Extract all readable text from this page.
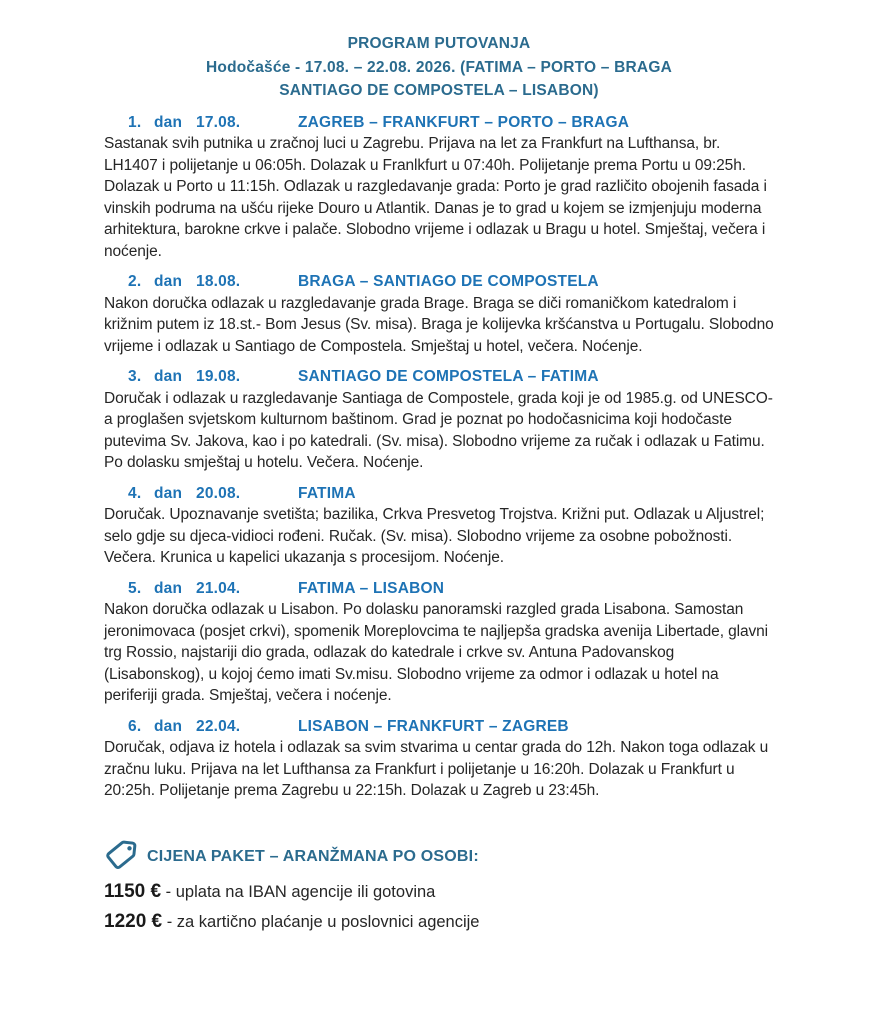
PROGRAM PUTOVANJA
Hodočašće - 17.08. – 22.08. 2026. (FATIMA – PORTO – BRAGA
SANTIAGO DE COMPOSTELA – LISABON)
1. dan 17.08.	ZAGREB – FRANKFURT – PORTO – BRAGA

Sastanak svih putnika u zračnoj luci u Zagrebu. Prijava na let za Frankfurt na Lufthansa, br. LH1407 i polijetanje u 06:05h. Dolazak u Franlkfurt u 07:40h. Polijetanje prema Portu u 09:25h. Dolazak u Porto u 11:15h. Odlazak u razgledavanje grada: Porto je grad različito obojenih fasada i vinskih podruma na ušću rijeke Douro u Atlantik. Danas je to grad u kojem se izmjenjuju moderna arhitektura, barokne crkve i palače. Slobodno vrijeme i odlazak u Bragu u hotel. Smještaj, večera i noćenje.

2. dan 18.08.	BRAGA – SANTIAGO DE COMPOSTELA

Nakon doručka odlazak u razgledavanje grada Brage. Braga se diči romaničkom katedralom i križnim putem iz 18.st.- Bom Jesus (Sv. misa). Braga je kolijevka kršćanstva u Portugalu. Slobodno vrijeme i odlazak u Santiago de Compostela. Smještaj u hotel, večera. Noćenje.

3. dan 19.08.	SANTIAGO DE COMPOSTELA – FATIMA

Doručak i odlazak u razgledavanje Santiaga de Compostele, grada koji je od 1985.g. od UNESCO-a proglašen svjetskom kulturnom baštinom. Grad je poznat po hodočasnicima koji hodočaste putevima Sv. Jakova, kao i po katedrali. (Sv. misa). Slobodno vrijeme za ručak i odlazak u Fatimu. Po dolasku smještaj u hotelu. Večera. Noćenje.

4. dan 20.08.	FATIMA

Doručak. Upoznavanje svetišta; bazilika, Crkva Presvetog Trojstva. Križni put. Odlazak u Aljustrel; selo gdje su djeca-vidioci rođeni. Ručak. (Sv. misa). Slobodno vrijeme za osobne pobožnosti. Večera. Krunica u kapelici ukazanja s procesijom. Noćenje.

5. dan 21.04.	FATIMA – LISABON

Nakon doručka odlazak u Lisabon. Po dolasku panoramski razgled grada Lisabona. Samostan jeronimovaca (posjet crkvi), spomenik Moreplovcima te najljepša gradska avenija Libertade, glavni trg Rossio, najstariji dio grada, odlazak do katedrale i crkve sv. Antuna Padovanskog (Lisabonskog), u kojoj ćemo imati Sv.misu. Slobodno vrijeme za odmor i odlazak u hotel na periferiji grada. Smještaj, večera i noćenje.

6. dan 22.04.	LISABON – FRANKFURT – ZAGREB

Doručak, odjava iz hotela i odlazak sa svim stvarima u centar grada do 12h. Nakon toga odlazak u zračnu luku. Prijava na let Lufthansa za Frankfurt i polijetanje u 16:20h. Dolazak u Frankfurt u 20:25h. Polijetanje prema Zagrebu u 22:15h. Dolazak u Zagreb u 23:45h.

CIJENA PAKET – ARANŽMANA PO OSOBI:

1150 € - uplata na IBAN agencije ili gotovina

1220 € - za kartično plaćanje u poslovnici agencije
